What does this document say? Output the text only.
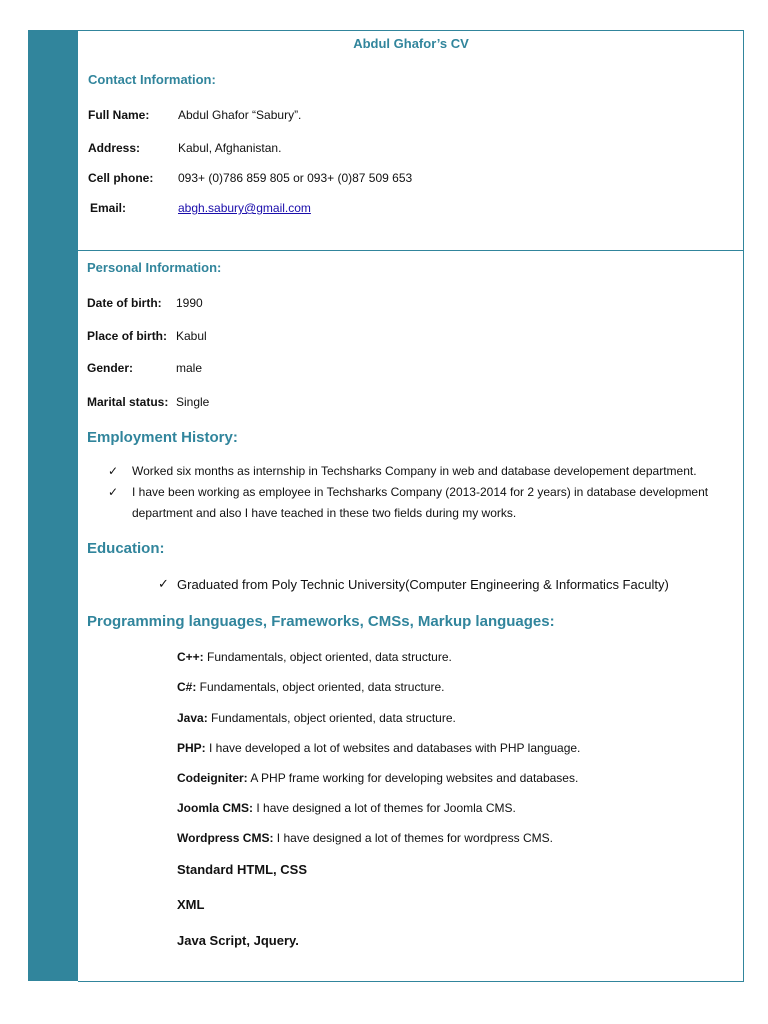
Abdul Ghafor’s CV
Contact Information:
Full Name: Abdul Ghafor “Sabury”.
Address:	Kabul, Afghanistan.
Cell phone: 093+ (0)786 859 805 or 093+ (0)87 509 653
Email:	abgh.sabury@gmail.com
Personal Information:
Date of birth: 1990
Place of birth: Kabul
Gender:	male
Marital status: Single
Employment History:
✓	Worked six months as internship in Techsharks Company in web and database developement department.
✓	I have been working as employee in Techsharks Company (2013-2014 for 2 years) in database development department and also I have teached in these two fields during my works.
Education:
✓ Graduated from Poly Technic University(Computer Engineering & Informatics Faculty)
Programming languages, Frameworks, CMSs, Markup languages:
C++: Fundamentals, object oriented, data structure.
C#: Fundamentals, object oriented, data structure.
Java: Fundamentals, object oriented, data structure.
PHP: I have developed a lot of websites and databases with PHP language.
Codeigniter: A PHP frame working for developing websites and databases.
Joomla CMS: I have designed a lot of themes for Joomla CMS.
Wordpress CMS: I have designed a lot of themes for wordpress CMS.
Standard HTML, CSS
XML
Java Script, Jquery.
